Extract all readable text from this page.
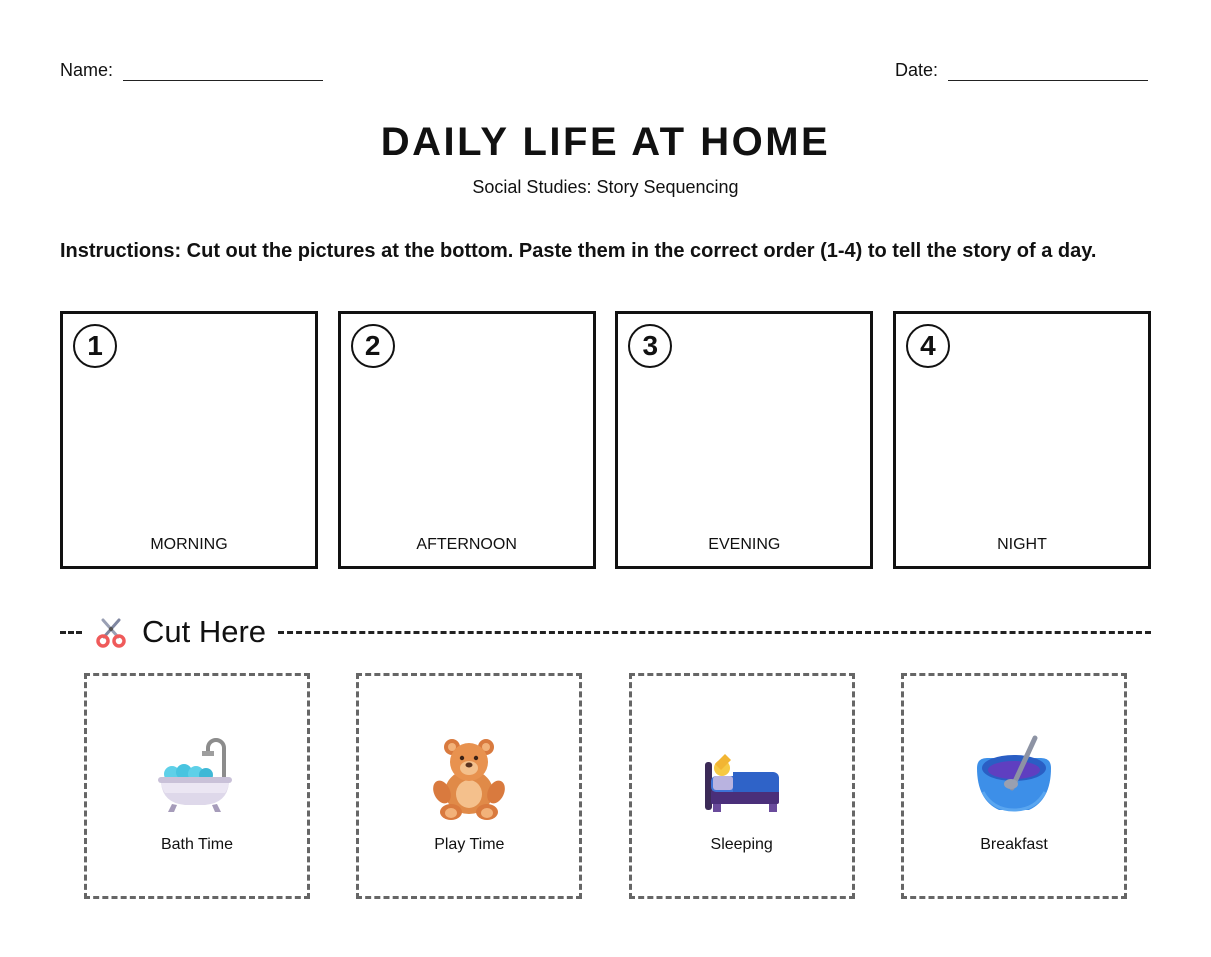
Name:	Date:
DAILY LIFE AT HOME
Social Studies: Story Sequencing
Instructions: Cut out the pictures at the bottom. Paste them in the correct order (1-4) to tell the story of a day.
1
MORNING
2
AFTERNOON
3
EVENING
4
NIGHT
Cut Here
Bath Time	Play Time	Sleeping	Breakfast
